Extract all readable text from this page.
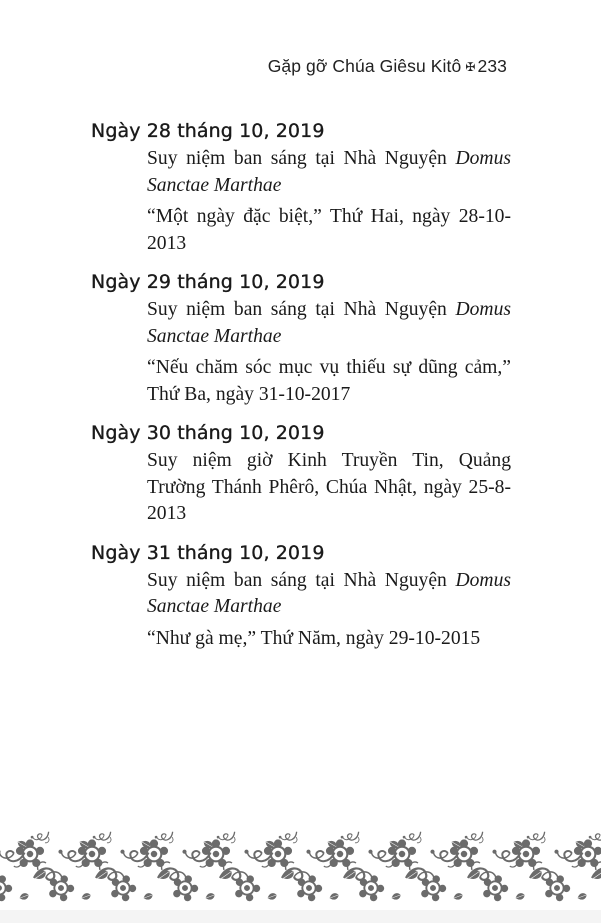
Gặp gỡ Chúa Giêsu Kitô ✠ 233

Ngày 28 tháng 10, 2019

Suy niệm ban sáng tại Nhà Nguyện Domus Sanctae Marthae

“Một ngày đặc biệt,” Thứ Hai, ngày 28-10-2013

Ngày 29 tháng 10, 2019

Suy niệm ban sáng tại Nhà Nguyện Domus Sanctae Marthae

“Nếu chăm sóc mục vụ thiếu sự dũng cảm,” Thứ Ba, ngày 31-10-2017

Ngày 30 tháng 10, 2019

Suy niệm giờ Kinh Truyền Tin, Quảng Trường Thánh Phêrô, Chúa Nhật, ngày 25-8-2013

Ngày 31 tháng 10, 2019

Suy niệm ban sáng tại Nhà Nguyện Domus Sanctae Marthae

“Như gà mẹ,” Thứ Năm, ngày 29-10-2015
